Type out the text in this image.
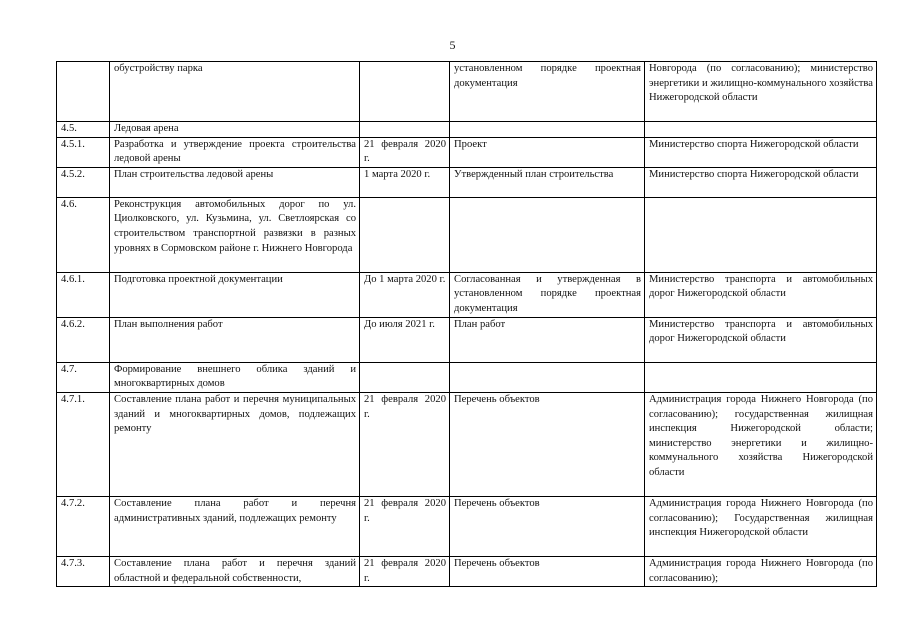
5
	обустройству парка		установленном порядке проектная документация	Новгорода (по согласованию); министерство энергетики и жилищно-коммунального хозяйства Нижегородской области
4.5.	Ледовая арена			
4.5.1.	Разработка и утверждение проекта строительства ледовой арены	21 февраля 2020 г.	Проект	Министерство спорта Нижегородской области
4.5.2.	План строительства ледовой арены	1 марта 2020 г.	Утвержденный план строительства	Министерство спорта Нижегородской области
4.6.	Реконструкция автомобильных дорог по ул. Циолковского, ул. Кузьмина, ул. Светлоярская со строительством транспортной развязки в разных уровнях в Сормовском районе г. Нижнего Новгорода			
4.6.1.	Подготовка проектной документации	До 1 марта 2020 г.	Согласованная и утвержденная в установленном порядке проектная документация	Министерство транспорта и автомобильных дорог Нижегородской области
4.6.2.	План выполнения работ	До июля 2021 г.	План работ	Министерство транспорта и автомобильных дорог Нижегородской области
4.7.	Формирование внешнего облика зданий и многоквартирных домов			
4.7.1.	Составление плана работ и перечня муниципальных зданий и многоквартирных домов, подлежащих ремонту	21 февраля 2020 г.	Перечень объектов	Администрация города Нижнего Новгорода (по согласованию); государственная жилищная инспекция Нижегородской области; министерство энергетики и жилищно-коммунального хозяйства Нижегородской области
4.7.2.	Составление плана работ и перечня административных зданий, подлежащих ремонту	21 февраля 2020 г.	Перечень объектов	Администрация города Нижнего Новгорода (по согласованию); Государственная жилищная инспекция Нижегородской области
4.7.3.	Составление плана работ и перечня зданий областной и федеральной собственности,	21 февраля 2020 г.	Перечень объектов	Администрация города Нижнего Новгорода (по согласованию);
